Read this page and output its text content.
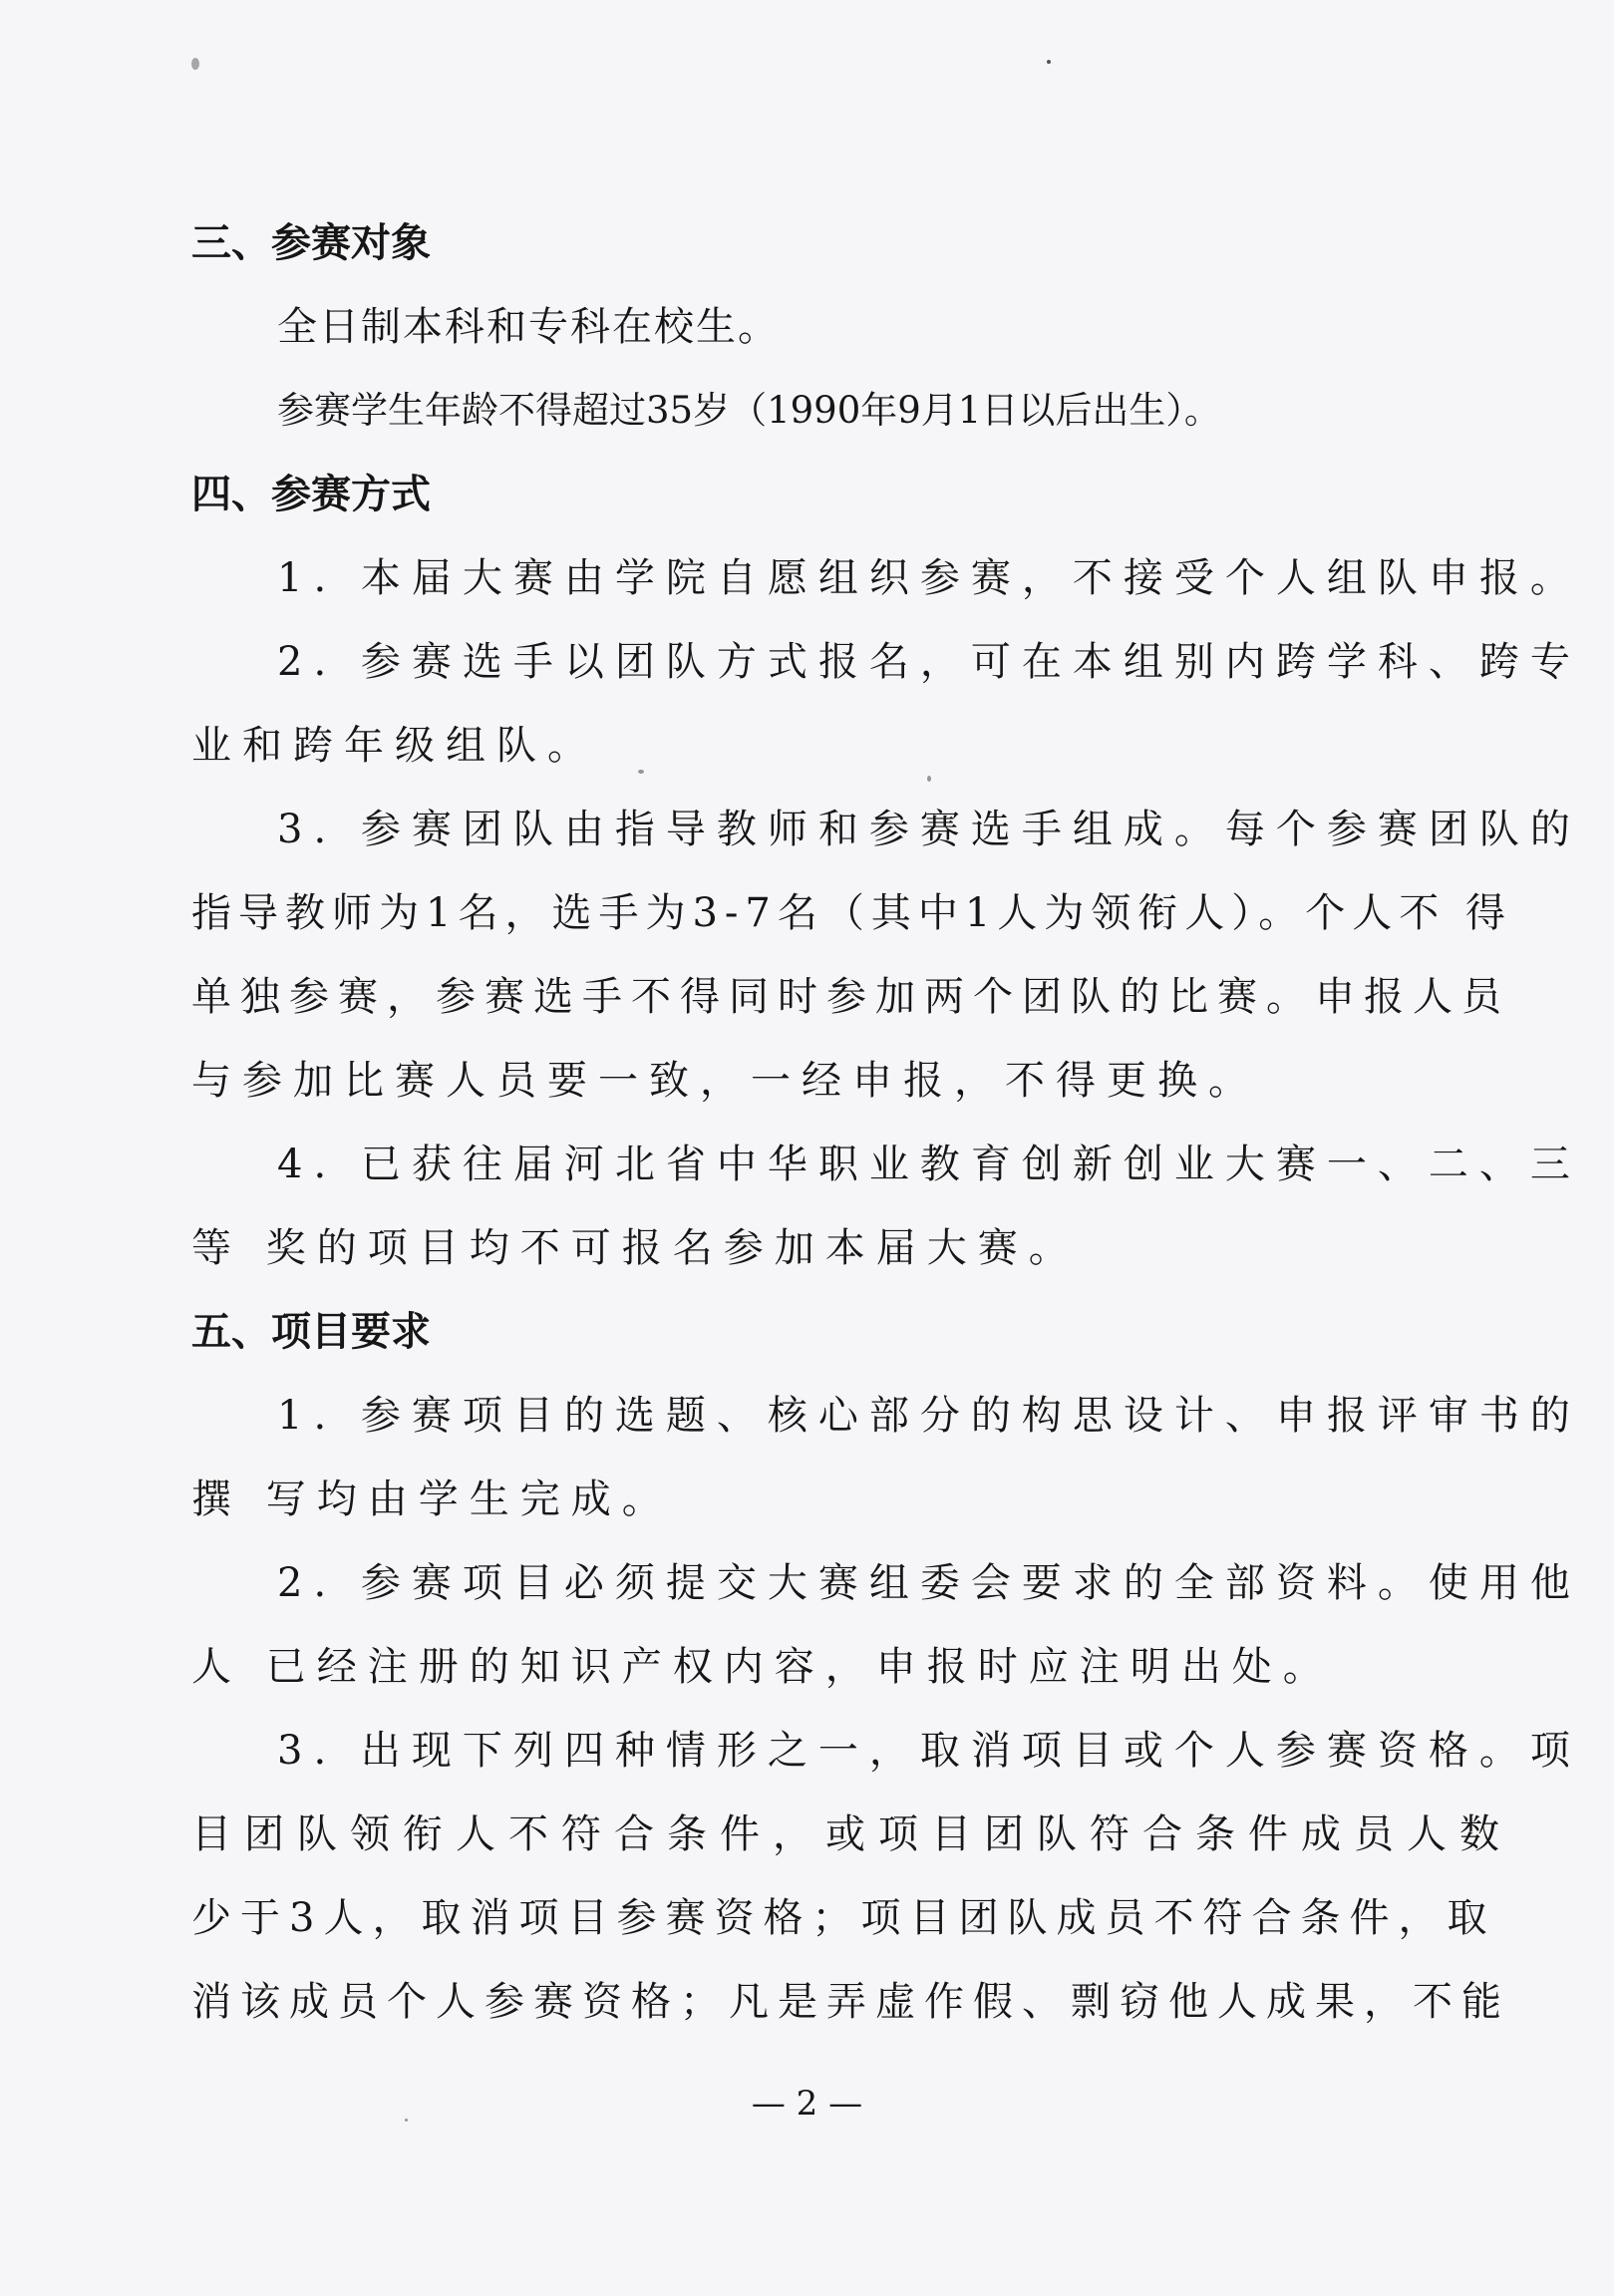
三、参赛对象
全日制本科和专科在校生。
参赛学生年龄不得超过35岁（1990年9月1日以后出生）。
四、参赛方式
1. 本届大赛由学院自愿组织参赛，不接受个人组队申报。
2. 参赛选手以团队方式报名，可在本组别内跨学科、跨专
业和跨年级组队。
3. 参赛团队由指导教师和参赛选手组成。每个参赛团队的
指导教师为1名，选手为3-7名（其中1人为领衔人）。个人不 得
单独参赛，参赛选手不得同时参加两个团队的比赛。申报人员
与参加比赛人员要一致，一经申报，不得更换。
4. 已获往届河北省中华职业教育创新创业大赛一、二、三
等 奖的项目均不可报名参加本届大赛。
五、项目要求
1. 参赛项目的选题、核心部分的构思设计、申报评审书的
撰 写均由学生完成。
2. 参赛项目必须提交大赛组委会要求的全部资料。使用他
人 已经注册的知识产权内容，申报时应注明出处。
3. 出现下列四种情形之一，取消项目或个人参赛资格。项
目团队领衔人不符合条件，或项目团队符合条件成员人数
少于3人，取消项目参赛资格；项目团队成员不符合条件，取
消该成员个人参赛资格；凡是弄虚作假、剽窃他人成果，不能
— 2 —
